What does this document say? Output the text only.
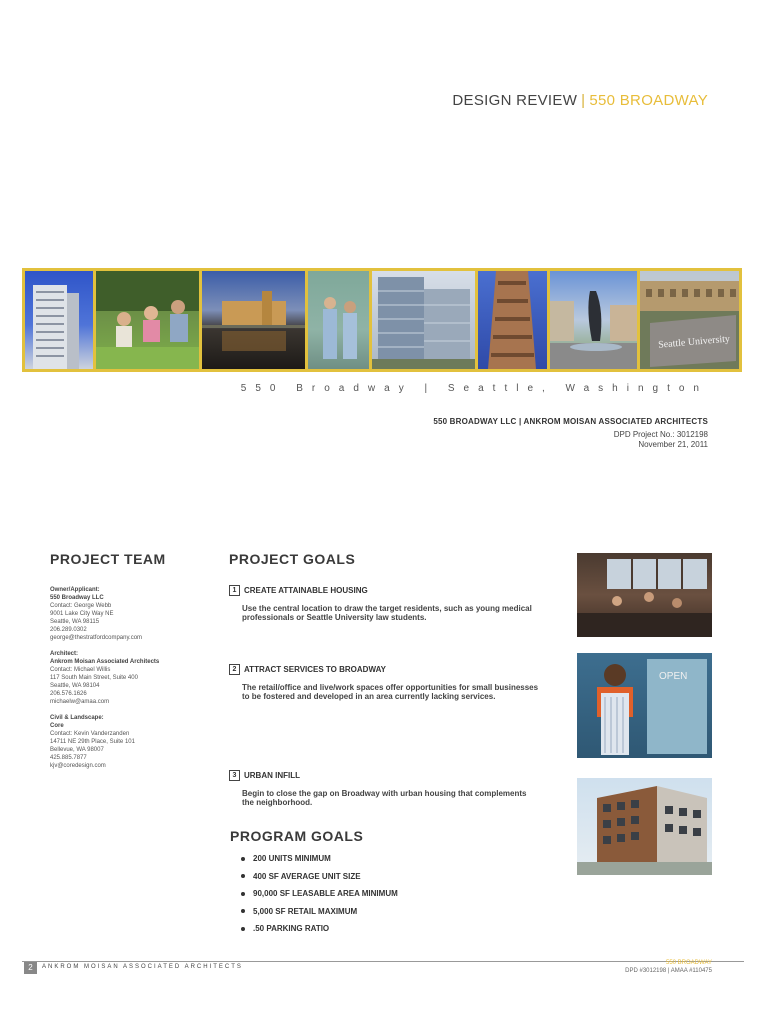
DESIGN REVIEW | 550 BROADWAY
Seattle University
550 Broadway | Seattle, Washington
550 BROADWAY LLC | ANKROM MOISAN ASSOCIATED ARCHITECTS
DPD Project No.: 3012198
November 21, 2011
PROJECT TEAM
Owner/Applicant:
550 Broadway LLC
Contact: George Webb
9001 Lake City Way NE
Seattle, WA 98115
206.289.0302
george@thestratfordcompany.com
Architect:
Ankrom Moisan Associated Architects
Contact: Michael Willis
117 South Main Street, Suite 400
Seattle, WA 98104
206.576.1626
michaelw@amaa.com
Civil & Landscape:
Core
Contact: Kevin Vanderzanden
14711 NE 29th Place, Suite 101
Bellevue, WA 98007
425.885.7877
kjv@coredesign.com
PROJECT GOALS
1 CREATE ATTAINABLE HOUSING
Use the central location to draw the target residents, such as young medical professionals or Seattle University law students.
2 ATTRACT SERVICES TO BROADWAY
The retail/office and live/work spaces offer opportunities for small businesses to be fostered and developed in an area currently lacking services.
3 URBAN INFILL
Begin to close the gap on Broadway with urban housing that complements the neighborhood.
PROGRAM GOALS
200 UNITS MINIMUM
400 SF AVERAGE UNIT SIZE
90,000 SF LEASABLE AREA MINIMUM
5,000 SF RETAIL MAXIMUM
.50 PARKING RATIO
OPEN
2	ANKROM MOISAN ASSOCIATED ARCHITECTS
550 BROADWAY
DPD #3012198 | AMAA #110475
